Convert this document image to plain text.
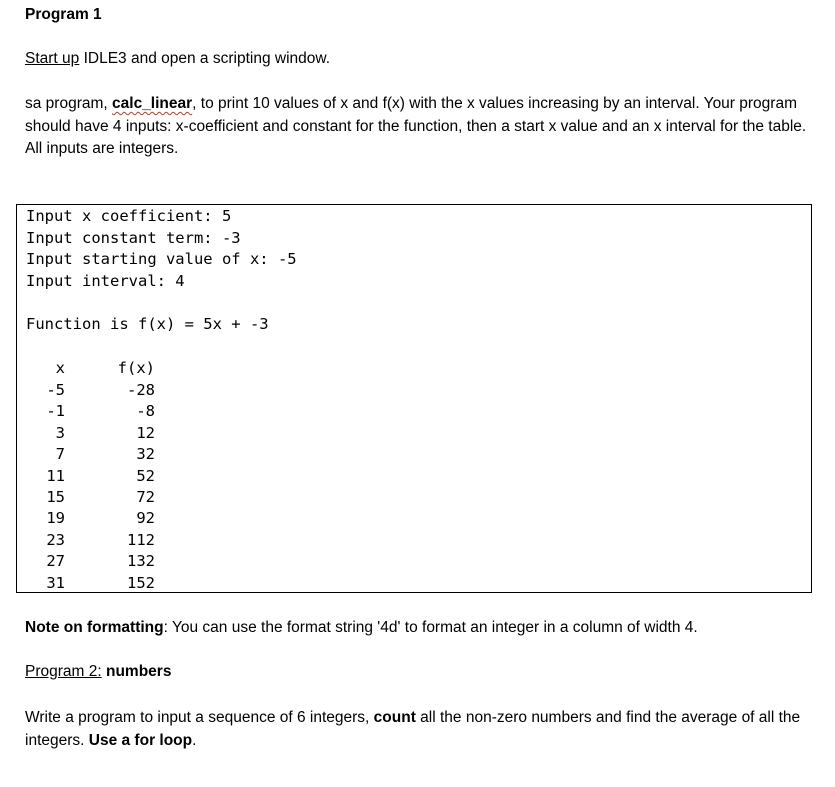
Program 1
Start up IDLE3 and open a scripting window.
sa program, calc_linear, to print 10 values of x and f(x) with the x values increasing by an interval. Your program should have 4 inputs: x-coefficient and constant for the function, then a start x value and an x interval for the table. All inputs are integers.
Input x coefficient: 5
Input constant term: -3
Input starting value of x: -5
Input interval: 4
Function is f(x) = 5x + -3
x	f(x)
-5	-28
-1	-8
3	12
7	32
11	52
15	72
19	92
23	112
27	132
31	152
Note on formatting: You can use the format string '4d' to format an integer in a column of width 4.
Program 2: numbers
Write a program to input a sequence of 6 integers, count all the non-zero numbers and find the average of all the integers. Use a for loop.
